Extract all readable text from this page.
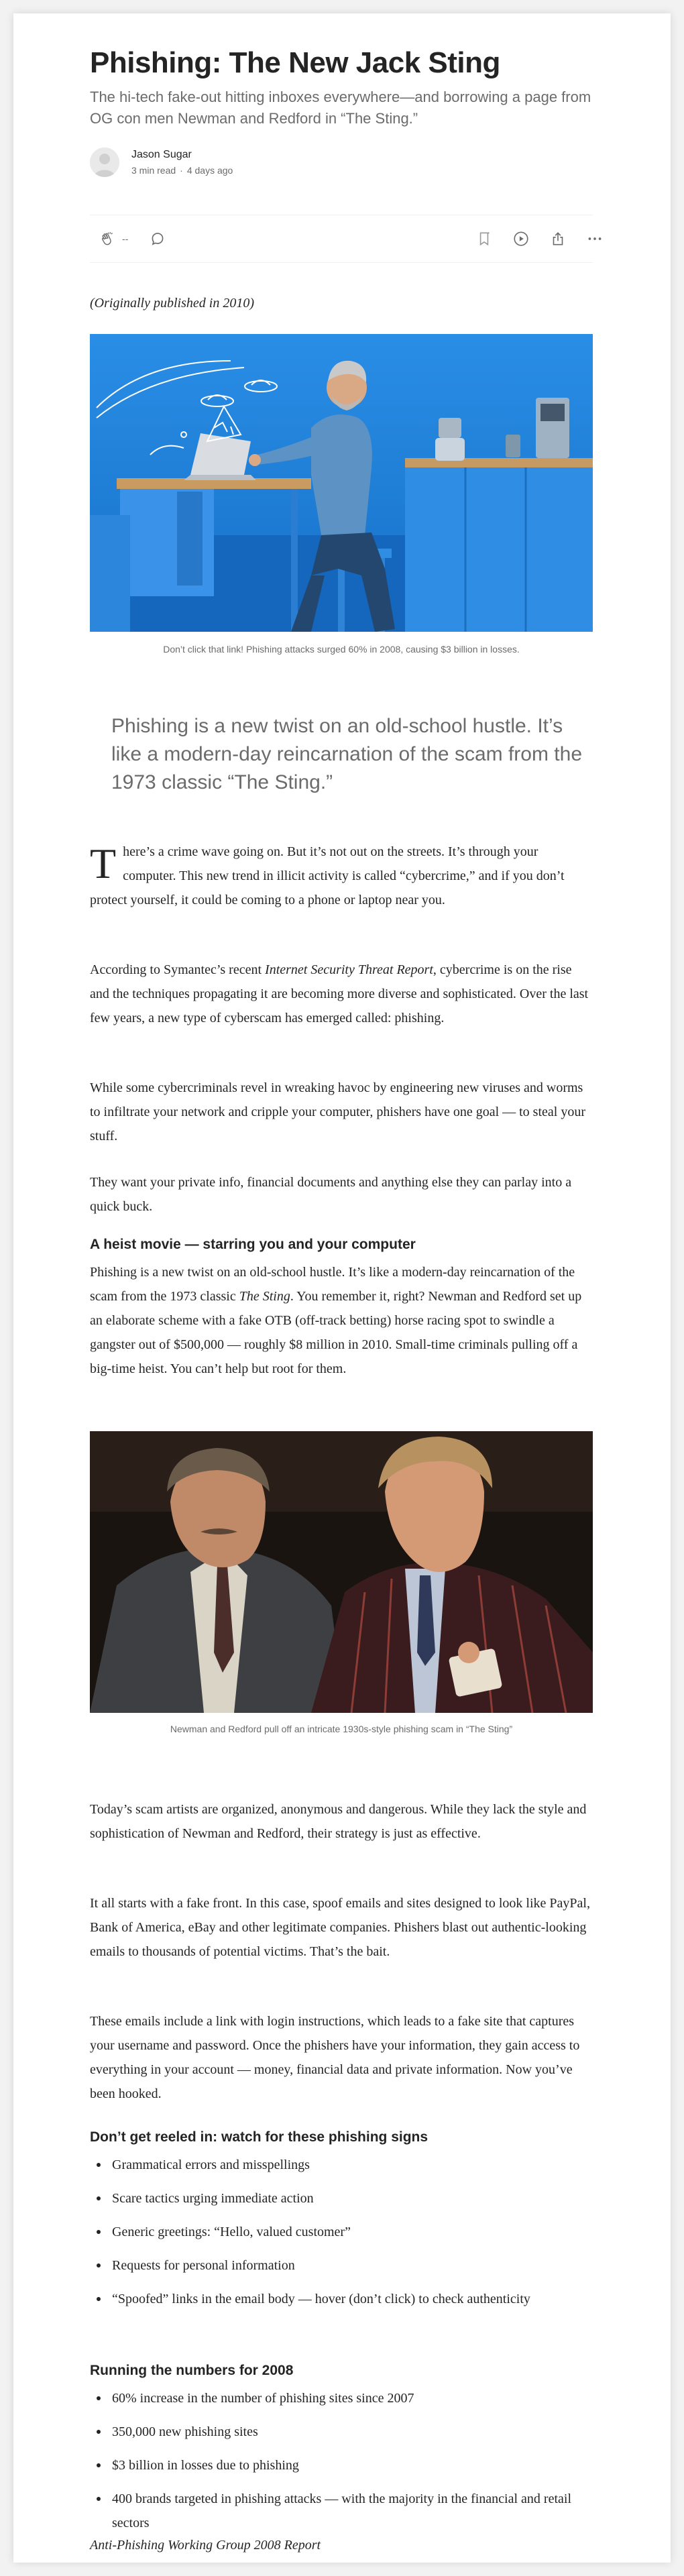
Phishing: The New Jack Sting

The hi-tech fake-out hitting inboxes everywhere—and borrowing a page from OG con men Newman and Redford in “The Sting.”

Jason Sugar
3 min read · 4 days ago
--

(Originally published in 2010)

Don’t click that link! Phishing attacks surged 60% in 2008, causing $3 billion in losses.

Phishing is a new twist on an old-school hustle. It’s like a modern-day reincarnation of the scam from the 1973 classic “The Sting.”

There’s a crime wave going on. But it’s not out on the streets. It’s through your computer. This new trend in illicit activity is called “cybercrime,” and if you don’t protect yourself, it could be coming to a phone or laptop near you.

According to Symantec’s recent Internet Security Threat Report, cybercrime is on the rise and the techniques propagating it are becoming more diverse and sophisticated. Over the last few years, a new type of cyberscam has emerged called: phishing.

While some cybercriminals revel in wreaking havoc by engineering new viruses and worms to infiltrate your network and cripple your computer, phishers have one goal — to steal your stuff.

They want your private info, financial documents and anything else they can parlay into a quick buck.

A heist movie — starring you and your computer

Phishing is a new twist on an old-school hustle. It’s like a modern-day reincarnation of the scam from the 1973 classic The Sting. You remember it, right? Newman and Redford set up an elaborate scheme with a fake OTB (off-track betting) horse racing spot to swindle a gangster out of $500,000 — roughly $8 million in 2010. Small-time criminals pulling off a big-time heist. You can’t help but root for them.

Newman and Redford pull off an intricate 1930s-style phishing scam in “The Sting”

Today’s scam artists are organized, anonymous and dangerous. While they lack the style and sophistication of Newman and Redford, their strategy is just as effective.

It all starts with a fake front. In this case, spoof emails and sites designed to look like PayPal, Bank of America, eBay and other legitimate companies. Phishers blast out authentic-looking emails to thousands of potential victims. That’s the bait.

These emails include a link with login instructions, which leads to a fake site that captures your username and password. Once the phishers have your information, they gain access to everything in your account — money, financial data and private information. Now you’ve been hooked.

Don’t get reeled in: watch for these phishing signs
Grammatical errors and misspellings
Scare tactics urging immediate action
Generic greetings: “Hello, valued customer”
Requests for personal information
“Spoofed” links in the email body — hover (don’t click) to check authenticity
Running the numbers for 2008
60% increase in the number of phishing sites since 2007
350,000 new phishing sites
$3 billion in losses due to phishing
400 brands targeted in phishing attacks — with the majority in the financial and retail sectors

Anti-Phishing Working Group 2008 Report
